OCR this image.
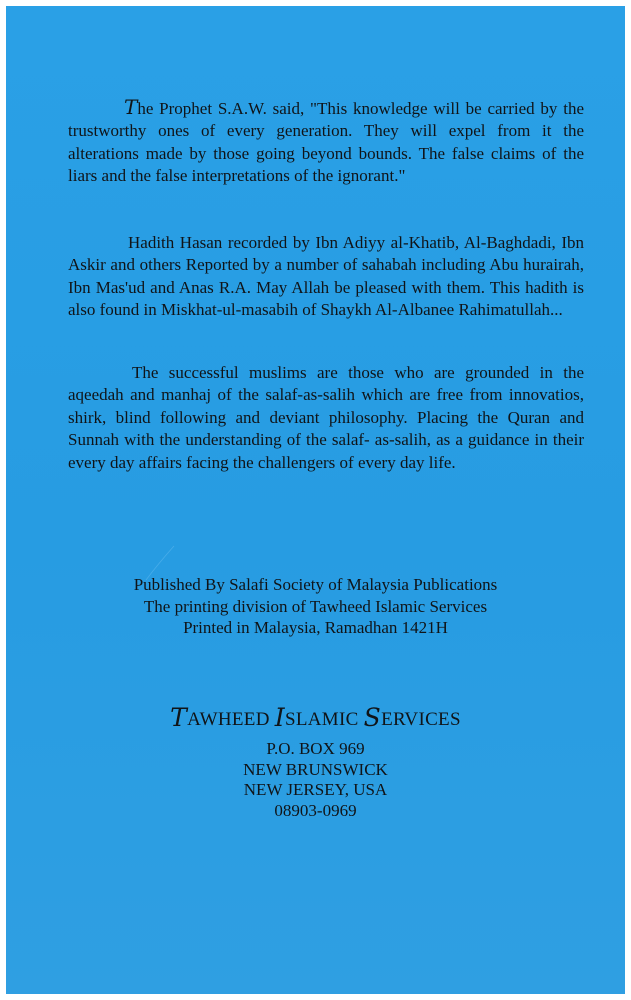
The Prophet S.A.W. said, "This knowledge will be carried by the trustworthy ones of every generation. They will expel from it the alterations made by those going beyond bounds. The false claims of the liars and the false interpretations of the ignorant."

Hadith Hasan recorded by Ibn Adiyy al-Khatib, Al-Baghdadi, Ibn Askir and others Reported by a number of sahabah including Abu hurairah, Ibn Mas'ud and Anas R.A. May Allah be pleased with them. This hadith is also found in Miskhat-ul-masabih of Shaykh Al-Albanee Rahimatullah...

The successful muslims are those who are grounded in the aqeedah and manhaj of the salaf-as-salih which are free from innovatios, shirk, blind following and deviant philosophy. Placing the Quran and Sunnah with the understanding of the salaf- as-salih, as a guidance in their every day affairs facing the challengers of every day life.

Published By Salafi Society of Malaysia Publications
The printing division of Tawheed Islamic Services
Printed in Malaysia, Ramadhan 1421H
TAWHEED ISLAMIC SERVICES
P.O. BOX 969
NEW BRUNSWICK
NEW JERSEY, USA
08903-0969
